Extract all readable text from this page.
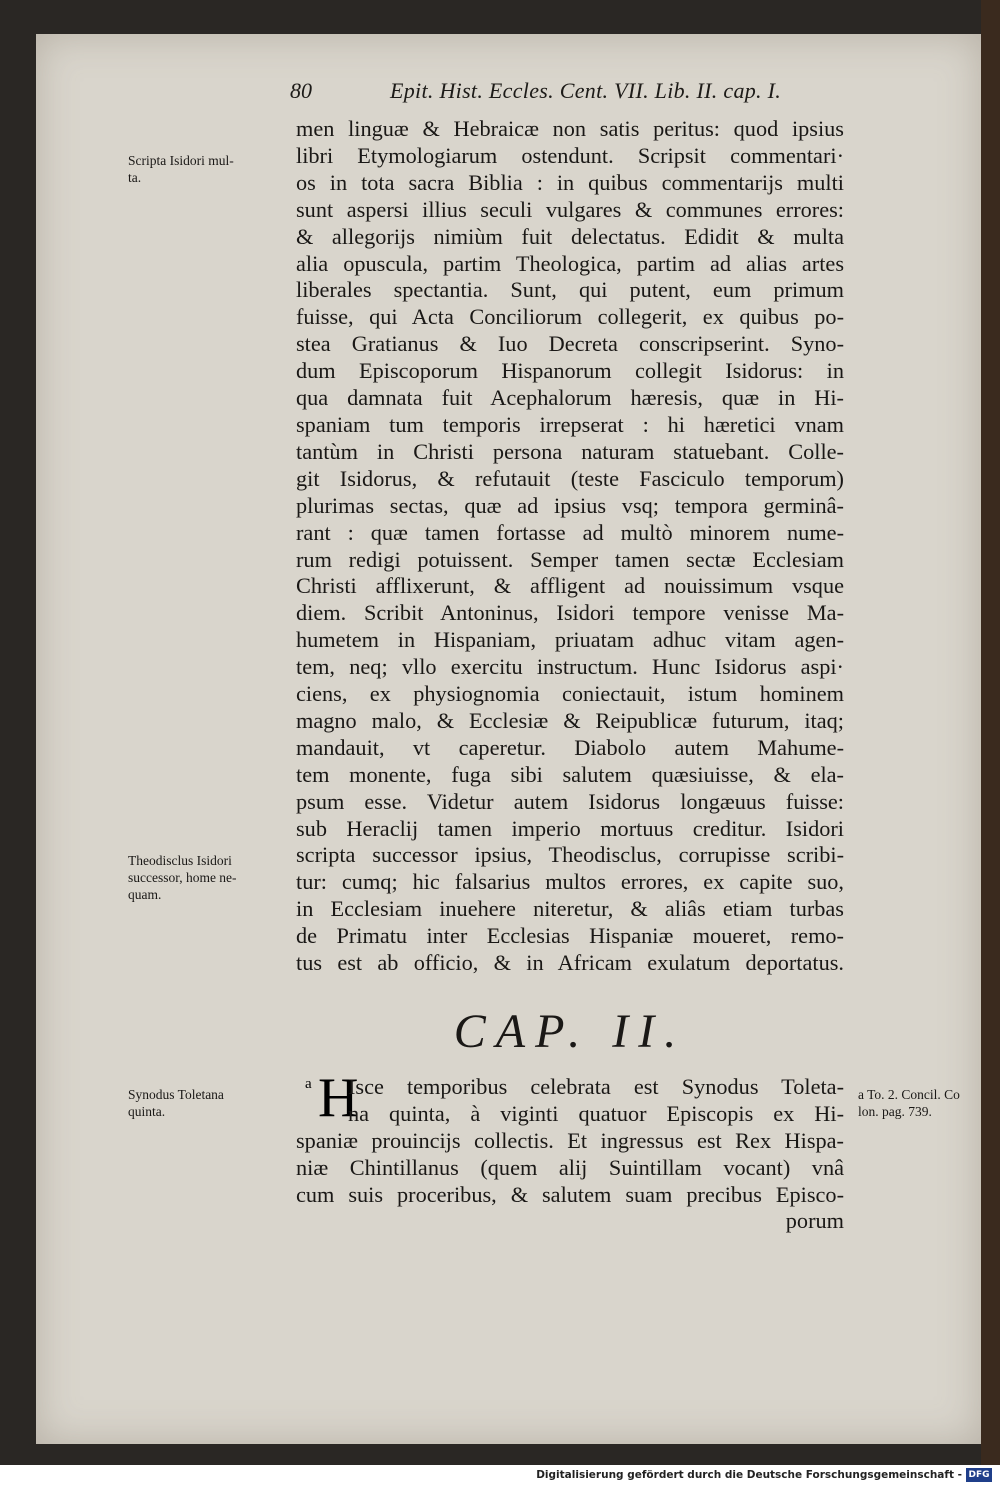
80	Epit. Hist. Eccles. Cent. VII. Lib. II. cap. I.
men linguæ & Hebraicæ non satis peritus: quod ipsius
libri Etymologiarum ostendunt. Scripsit commentari·
os in tota sacra Biblia : in quibus commentarijs multi
sunt aspersi illius seculi vulgares & communes errores:
& allegorijs nimiùm fuit delectatus. Edidit & multa
alia opuscula, partim Theologica, partim ad alias artes
liberales spectantia. Sunt, qui putent, eum primum
fuisse, qui Acta Conciliorum collegerit, ex quibus po-
stea Gratianus & Iuo Decreta conscripserint. Syno-
dum Episcoporum Hispanorum collegit Isidorus: in
qua damnata fuit Acephalorum hæresis, quæ in Hi-
spaniam tum temporis irrepserat : hi hæretici vnam
tantùm in Christi persona naturam statuebant. Colle-
git Isidorus, & refutauit (teste Fasciculo temporum)
plurimas sectas, quæ ad ipsius vsq; tempora germinâ-
rant : quæ tamen fortasse ad multò minorem nume-
rum redigi potuissent. Semper tamen sectæ Ecclesiam
Christi afflixerunt, & affligent ad nouissimum vsque
diem. Scribit Antoninus, Isidori tempore venisse Ma-
humetem in Hispaniam, priuatam adhuc vitam agen-
tem, neq; vllo exercitu instructum. Hunc Isidorus aspi·
ciens, ex physiognomia coniectauit, istum hominem
magno malo, & Ecclesiæ & Reipublicæ futurum, itaq;
mandauit, vt caperetur. Diabolo autem Mahume-
tem monente, fuga sibi salutem quæsiuisse, & ela-
psum esse. Videtur autem Isidorus longæuus fuisse:
sub Heraclij tamen imperio mortuus creditur. Isidori
scripta successor ipsius, Theodisclus, corrupisse scribi-
tur: cumq; hic falsarius multos errores, ex capite suo,
in Ecclesiam inuehere niteretur, & aliâs etiam turbas
de Primatu inter Ecclesias Hispaniæ moueret, remo-
tus est ab officio, & in Africam exulatum deportatus.
Scripta Isidori mul-
ta.
Theodisclus Isidori
successor, home ne-
quam.
Synodus Toletana
quinta.
a To. 2. Concil. Co
lon. pag. 739.
CAP. II.
a H
Isce temporibus celebrata est Synodus Toleta-
na quinta, à viginti quatuor Episcopis ex Hi-
spaniæ prouincijs collectis. Et ingressus est Rex Hispa-
niæ Chintillanus (quem alij Suintillam vocant) vnâ
cum suis proceribus, & salutem suam precibus Episco-
porum
Digitalisierung gefördert durch die Deutsche Forschungsgemeinschaft - DFG
